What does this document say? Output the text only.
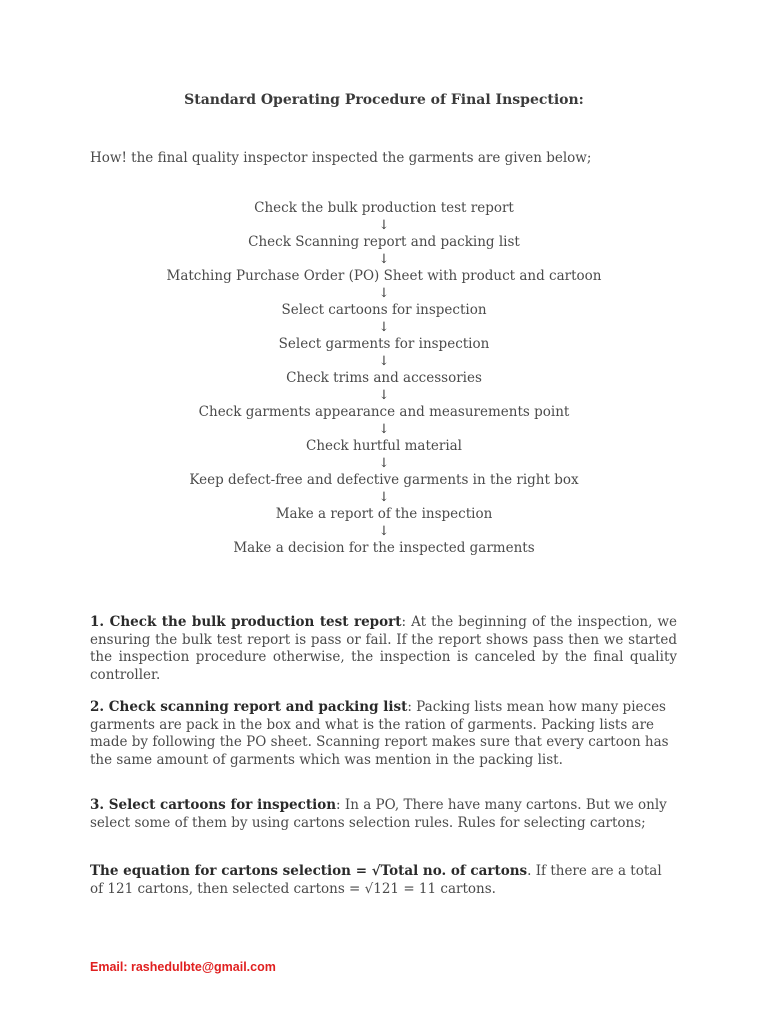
Standard Operating Procedure of Final Inspection:
How! the final quality inspector inspected the garments are given below;
Check the bulk production test report
↓
Check Scanning report and packing list
↓
Matching Purchase Order (PO) Sheet with product and cartoon
↓
Select cartoons for inspection
↓
Select garments for inspection
↓
Check trims and accessories
↓
Check garments appearance and measurements point
↓
Check hurtful material
↓
Keep defect-free and defective garments in the right box
↓
Make a report of the inspection
↓
Make a decision for the inspected garments
1. Check the bulk production test report: At the beginning of the inspection, we ensuring the bulk test report is pass or fail. If the report shows pass then we started the inspection procedure otherwise, the inspection is canceled by the final quality controller.
2. Check scanning report and packing list: Packing lists mean how many pieces garments are pack in the box and what is the ration of garments. Packing lists are made by following the PO sheet. Scanning report makes sure that every cartoon has the same amount of garments which was mention in the packing list.
3. Select cartoons for inspection: In a PO, There have many cartons. But we only select some of them by using cartons selection rules. Rules for selecting cartons;
The equation for cartons selection = √Total no. of cartons. If there are a total of 121 cartons, then selected cartons = √121 = 11 cartons.
Email: rashedulbte@gmail.com
